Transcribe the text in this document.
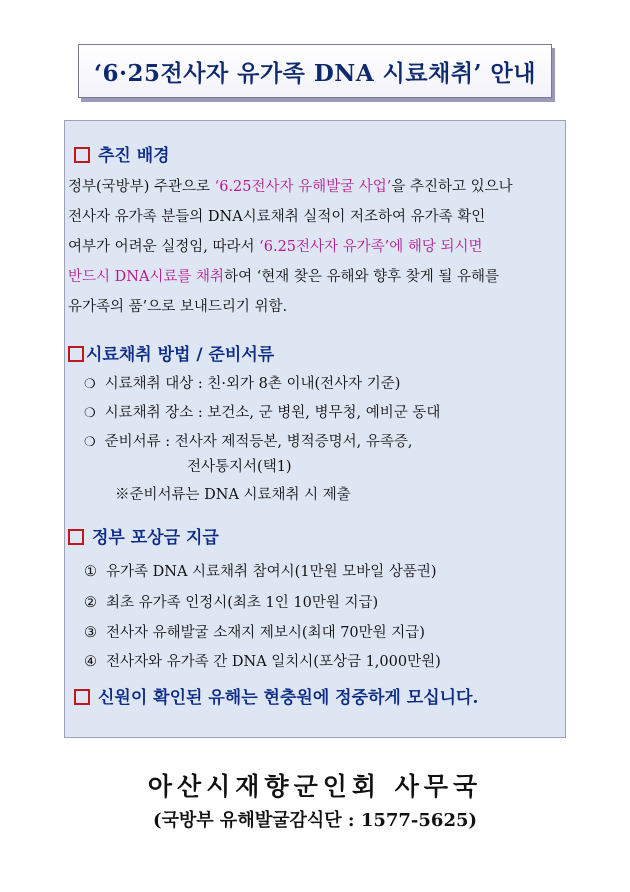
‘6·25전사자 유가족 DNA 시료채취’ 안내
추진 배경
정부(국방부) 주관으로 ‘6.25전사자 유해발굴 사업’을 추진하고 있으나
전사자 유가족 분들의 DNA시료채취 실적이 저조하여 유가족 확인
여부가 어려운 실정임, 따라서 ‘6.25전사자 유가족’에 해당 되시면
반드시 DNA시료를 채취하여 ‘현재 찾은 유해와 향후 찾게 될 유해를
유가족의 품’으로 보내드리기 위함.
시료채취 방법 / 준비서류
❍ 시료채취 대상 : 친·외가 8촌 이내(전사자 기준)
❍ 시료채취 장소 : 보건소, 군 병원, 병무청, 예비군 동대
❍ 준비서류 : 전사자 제적등본, 병적증명서, 유족증,
전사통지서(택1)
※준비서류는 DNA 시료채취 시 제출
정부 포상금 지급
① 유가족 DNA 시료채취 참여시(1만원 모바일 상품권)
② 최초 유가족 인정시(최초 1인 10만원 지급)
③ 전사자 유해발굴 소재지 제보시(최대 70만원 지급)
④ 전사자와 유가족 간 DNA 일치시(포상금 1,000만원)
신원이 확인된 유해는 현충원에 정중하게 모십니다.
아산시재향군인회 사무국
(국방부 유해발굴감식단 : 1577-5625)
